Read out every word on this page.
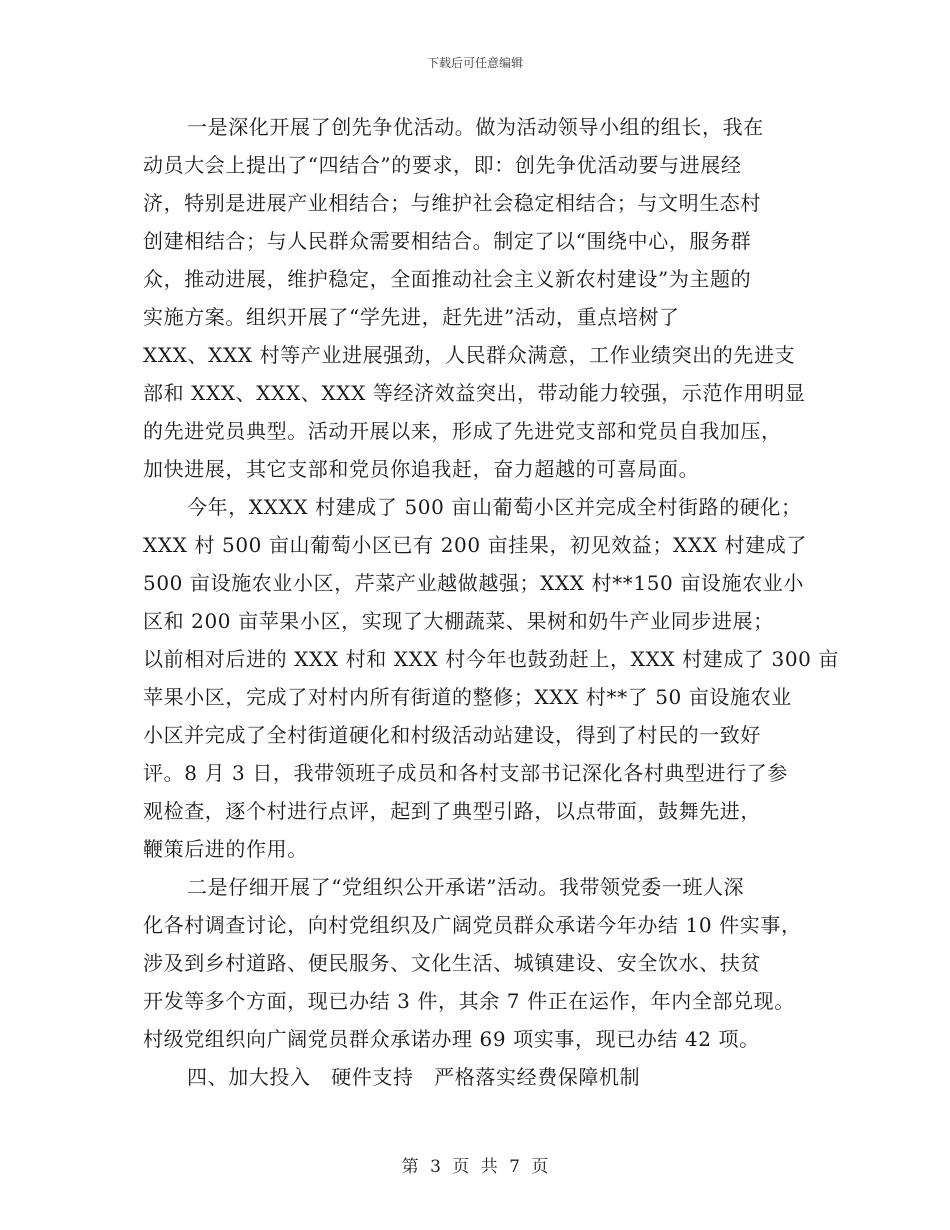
下载后可任意编辑
一是深化开展了创先争优活动。做为活动领导小组的组长，我在
动员大会上提出了“四结合”的要求，即：创先争优活动要与进展经
济，特别是进展产业相结合；与维护社会稳定相结合；与文明生态村
创建相结合；与人民群众需要相结合。制定了以“围绕中心，服务群
众，推动进展，维护稳定，全面推动社会主义新农村建设”为主题的
实施方案。组织开展了“学先进，赶先进”活动，重点培树了
XXX、XXX 村等产业进展强劲，人民群众满意，工作业绩突出的先进支
部和 XXX、XXX、XXX 等经济效益突出，带动能力较强，示范作用明显
的先进党员典型。活动开展以来，形成了先进党支部和党员自我加压，
加快进展，其它支部和党员你追我赶，奋力超越的可喜局面。
今年，XXXX 村建成了 500 亩山葡萄小区并完成全村街路的硬化；
XXX 村 500 亩山葡萄小区已有 200 亩挂果，初见效益；XXX 村建成了
500 亩设施农业小区，芹菜产业越做越强；XXX 村**150 亩设施农业小
区和 200 亩苹果小区，实现了大棚蔬菜、果树和奶牛产业同步进展；
以前相对后进的 XXX 村和 XXX 村今年也鼓劲赶上，XXX 村建成了 300 亩
苹果小区，完成了对村内所有街道的整修；XXX 村**了 50 亩设施农业
小区并完成了全村街道硬化和村级活动站建设，得到了村民的一致好
评。8 月 3 日，我带领班子成员和各村支部书记深化各村典型进行了参
观检查，逐个村进行点评，起到了典型引路，以点带面，鼓舞先进，
鞭策后进的作用。
二是仔细开展了“党组织公开承诺”活动。我带领党委一班人深
化各村调查讨论，向村党组织及广阔党员群众承诺今年办结 10 件实事，
涉及到乡村道路、便民服务、文化生活、城镇建设、安全饮水、扶贫
开发等多个方面，现已办结 3 件，其余 7 件正在运作，年内全部兑现。
村级党组织向广阔党员群众承诺办理 69 项实事，现已办结 42 项。
四、加大投入　硬件支持　严格落实经费保障机制
第 3 页 共 7 页
